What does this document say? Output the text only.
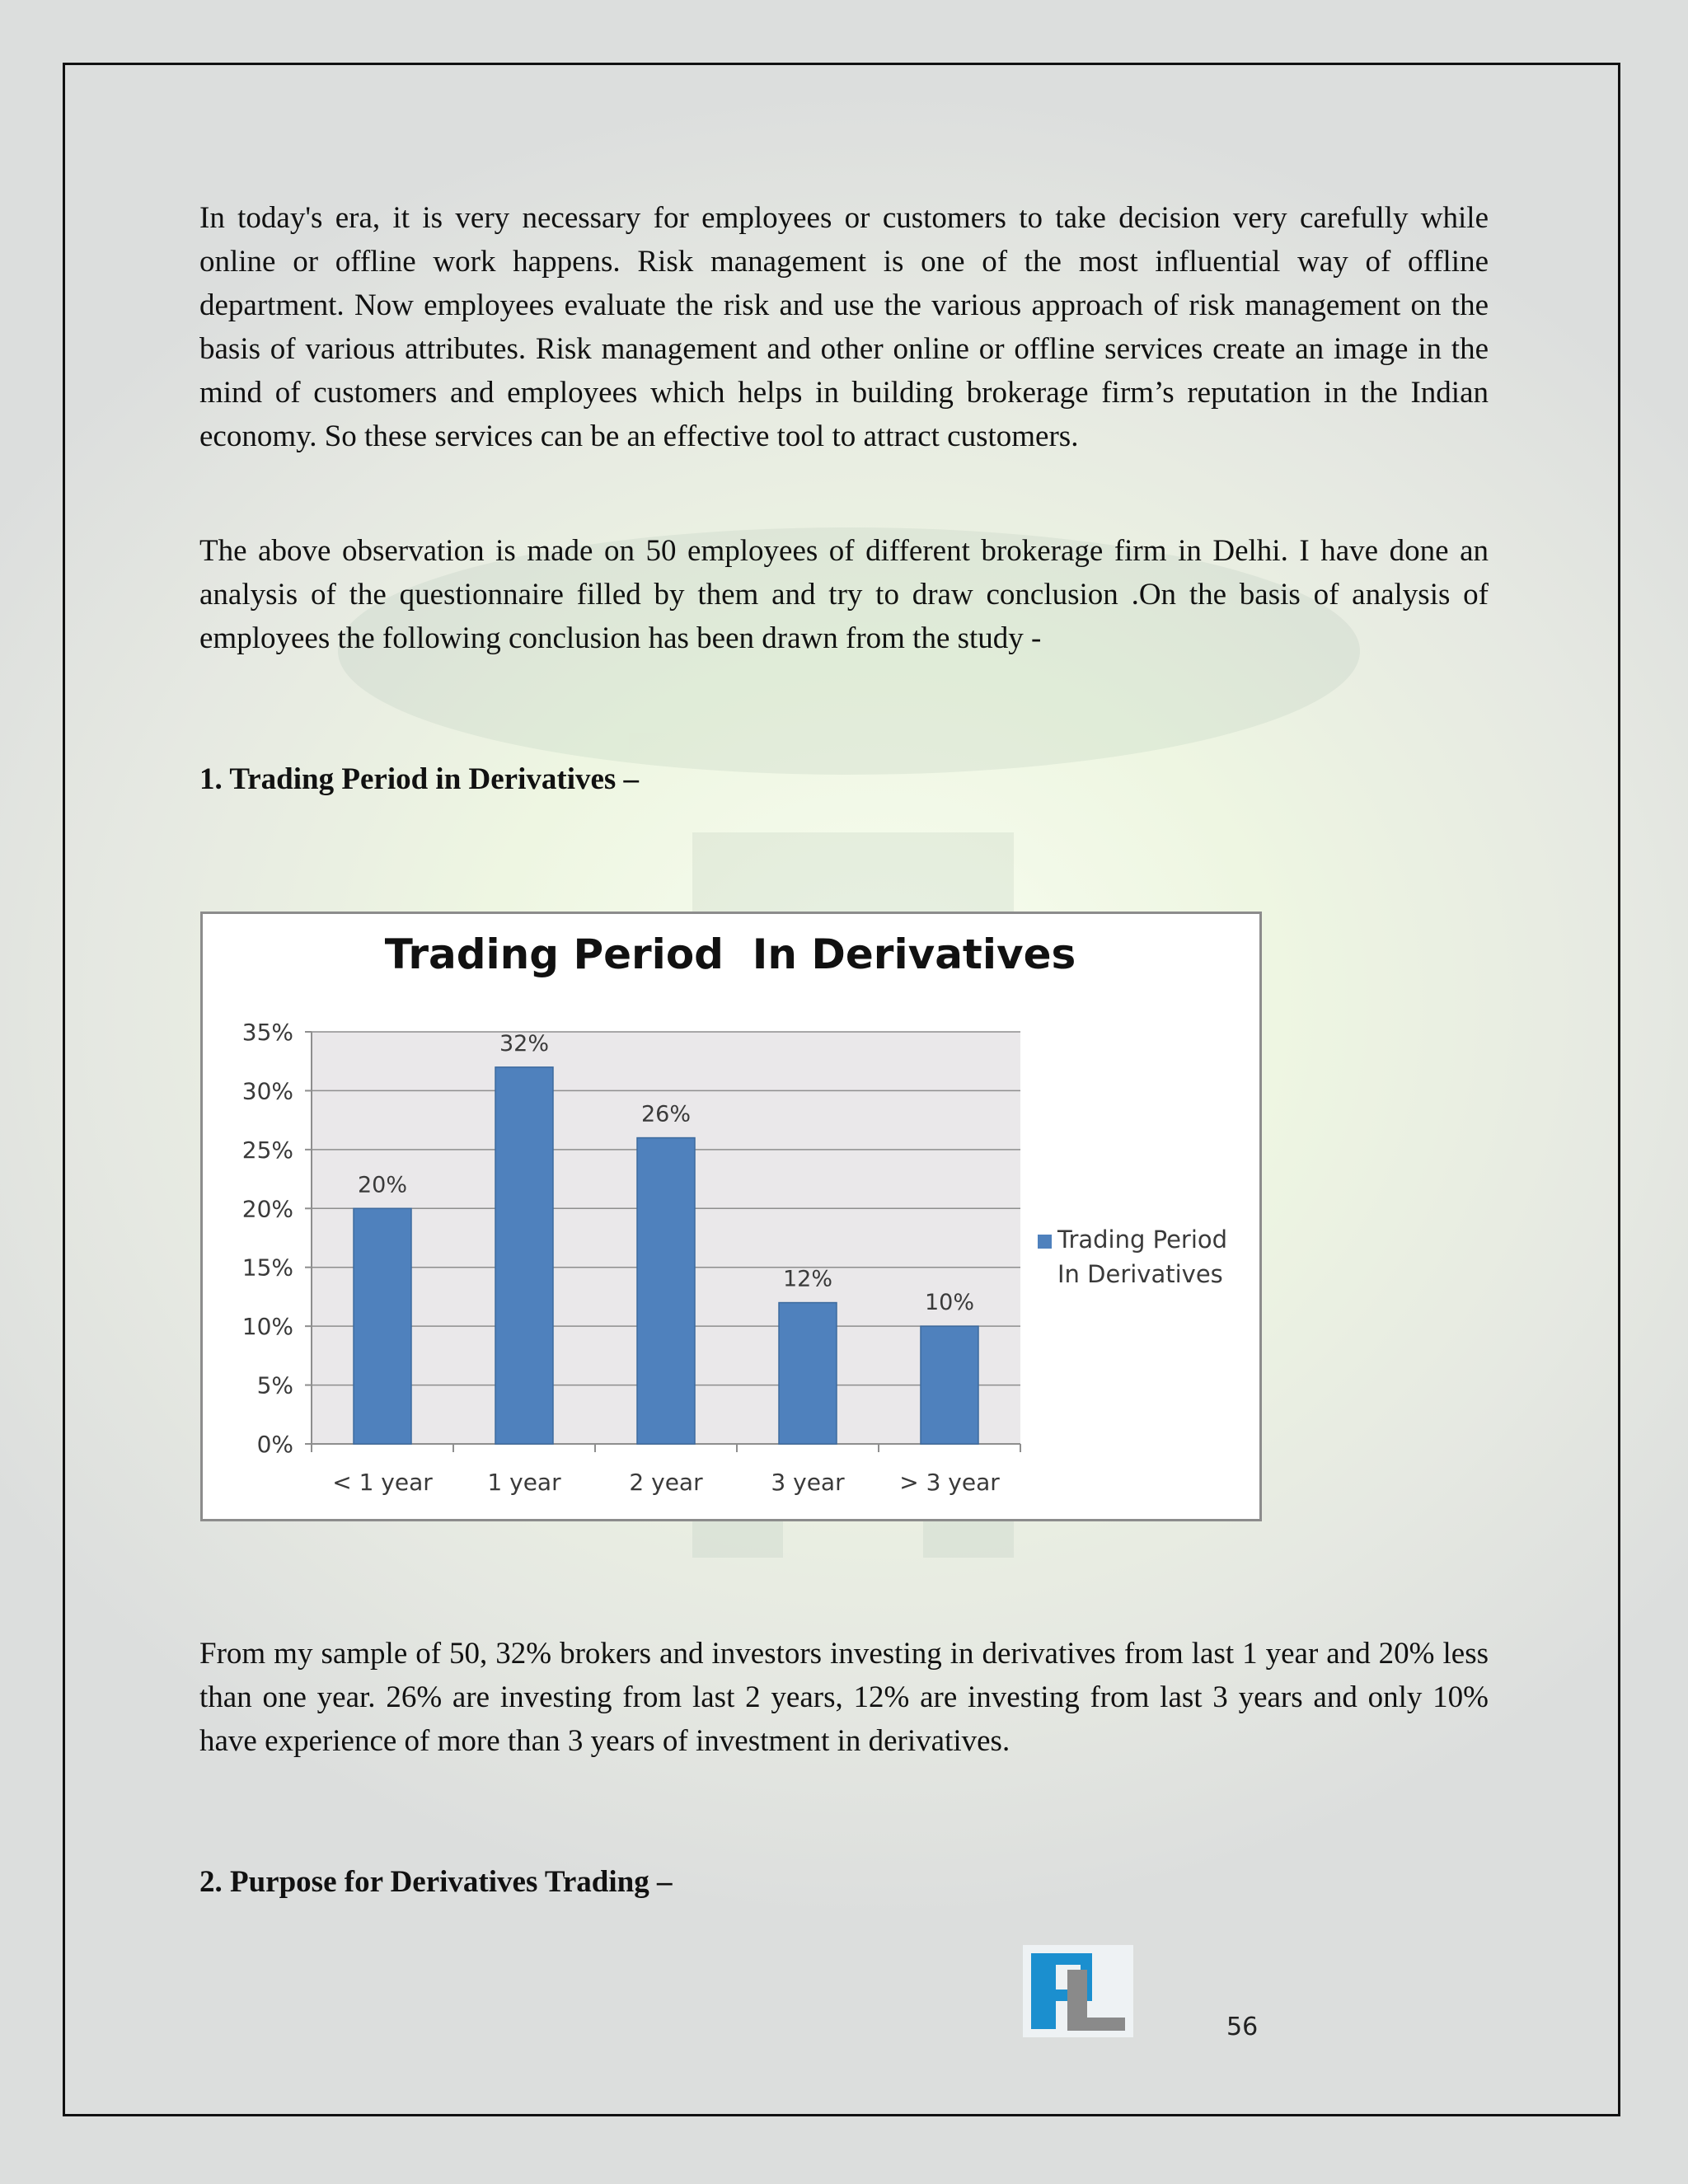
In today's era, it is very necessary for employees or customers to take decision very carefully while online or offline work happens. Risk management is one of the most influential way of offline department. Now employees evaluate the risk and use the various approach of risk management on the basis of various attributes. Risk management and other online or offline services create an image in the mind of customers and employees which helps in building brokerage firm’s reputation in the Indian economy. So these services can be an effective tool to attract customers.

The above observation is made on 50 employees of different brokerage firm in Delhi. I have done an analysis of the questionnaire filled by them and try to draw conclusion .On the basis of analysis of employees the following conclusion has been drawn from the study -

1. Trading Period in Derivatives –

Trading Period  In Derivatives
0%
5%
10%
15%
20%
25%
30%
35%
20%
< 1 year
32%
1 year
26%
2 year
12%
3 year
10%
> 3 year
Trading Period
In Derivatives

From my sample of 50, 32% brokers and investors investing in derivatives from last 1 year and 20% less than one year. 26% are investing from last 2 years, 12% are investing from last 3 years and only 10% have experience of more than 3 years of investment in derivatives.

2. Purpose for Derivatives Trading –

56
